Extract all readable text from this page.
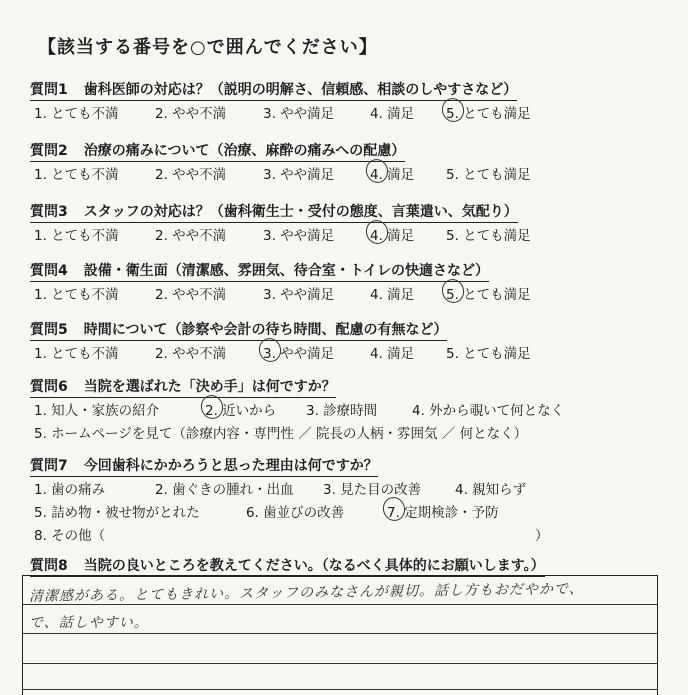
【該当する番号を○で囲んでください】
質問1 歯科医師の対応は？（説明の明解さ、信頼感、相談のしやすさなど）
1. とても不満	2. やや不満	3. やや満足	4. 満足 5. とても満足
質問2 治療の痛みについて（治療、麻酔の痛みへの配慮）
1. とても不満	2. やや不満	3. やや満足	4. 満足 5. とても満足
質問3 スタッフの対応は？（歯科衛生士・受付の態度、言葉遣い、気配り）
1. とても不満	2. やや不満	3. やや満足	4. 満足 5. とても満足
質問4 設備・衛生面（清潔感、雰囲気、待合室・トイレの快適さなど）
1. とても不満	2. やや不満	3. やや満足	4. 満足 5. とても満足
質問5 時間について（診察や会計の待ち時間、配慮の有無など）
1. とても不満	2. やや不満	3. やや満足	4. 満足 5. とても満足
質問6 当院を選ばれた「決め手」は何ですか？
1. 知人・家族の紹介	2. 近いから 3. 診療時間	4. 外から覗いて何となく
5. ホームページを見て（診療内容・専門性 ／ 院長の人柄・雰囲気 ／ 何となく）
質問7 今回歯科にかかろうと思った理由は何ですか？
1. 歯の痛み	2. 歯ぐきの腫れ・出血 3. 見た目の改善	4. 親知らず
5. 詰め物・被せ物がとれた	6. 歯並びの改善	7. 定期検診・予防
8. その他（	）
質問8 当院の良いところを教えてください。（なるべく具体的にお願いします。）
清潔感がある。とてもきれい。スタッフのみなさんが親切。話し方もおだやかで、
で、話しやすい。
